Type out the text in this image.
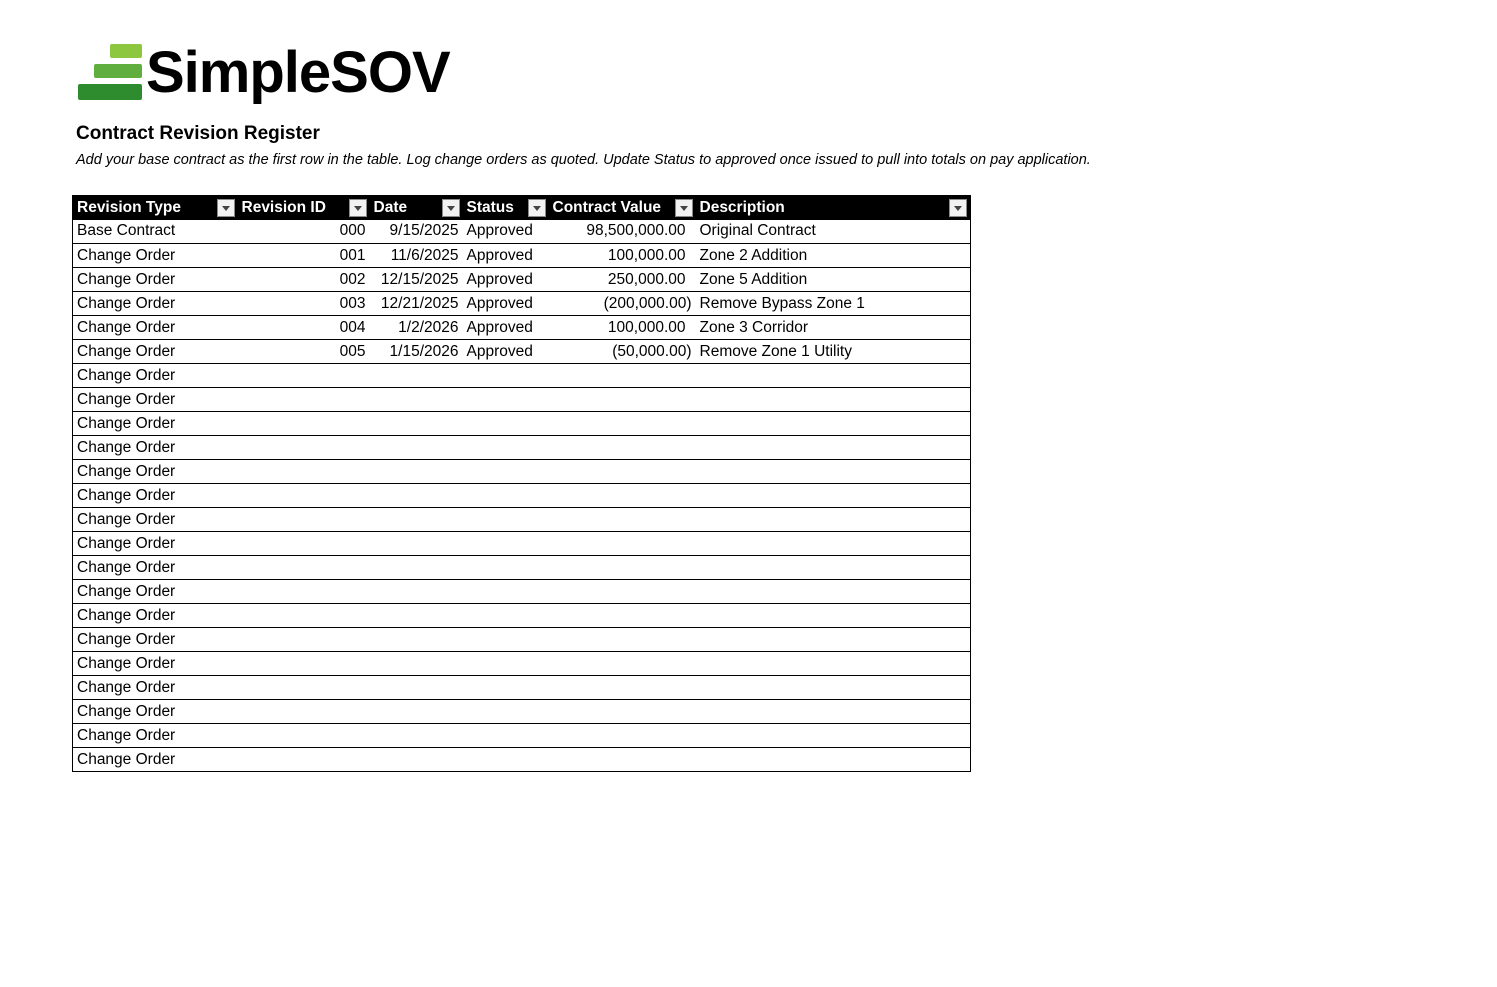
SimpleSOV
Contract Revision Register

Add your base contract as the first row in the table. Log change orders as quoted. Update Status to approved once issued to pull into totals on pay application.

Revision Type	Revision ID	Date	Status	Contract Value	Description

Base Contract	000	9/15/2025	Approved	98,500,000.00	Original Contract
Change Order	001	11/6/2025	Approved	100,000.00	Zone 2 Addition
Change Order	002	12/15/2025	Approved	250,000.00	Zone 5 Addition
Change Order	003	12/21/2025	Approved	(200,000.00)	Remove Bypass Zone 1
Change Order	004	1/2/2026	Approved	100,000.00	Zone 3 Corridor
Change Order	005	1/15/2026	Approved	(50,000.00)	Remove Zone 1 Utility
Change Order					
Change Order					
Change Order					
Change Order					
Change Order					
Change Order					
Change Order					
Change Order					
Change Order					
Change Order					
Change Order					
Change Order					
Change Order					
Change Order					
Change Order					
Change Order					
Change Order					
